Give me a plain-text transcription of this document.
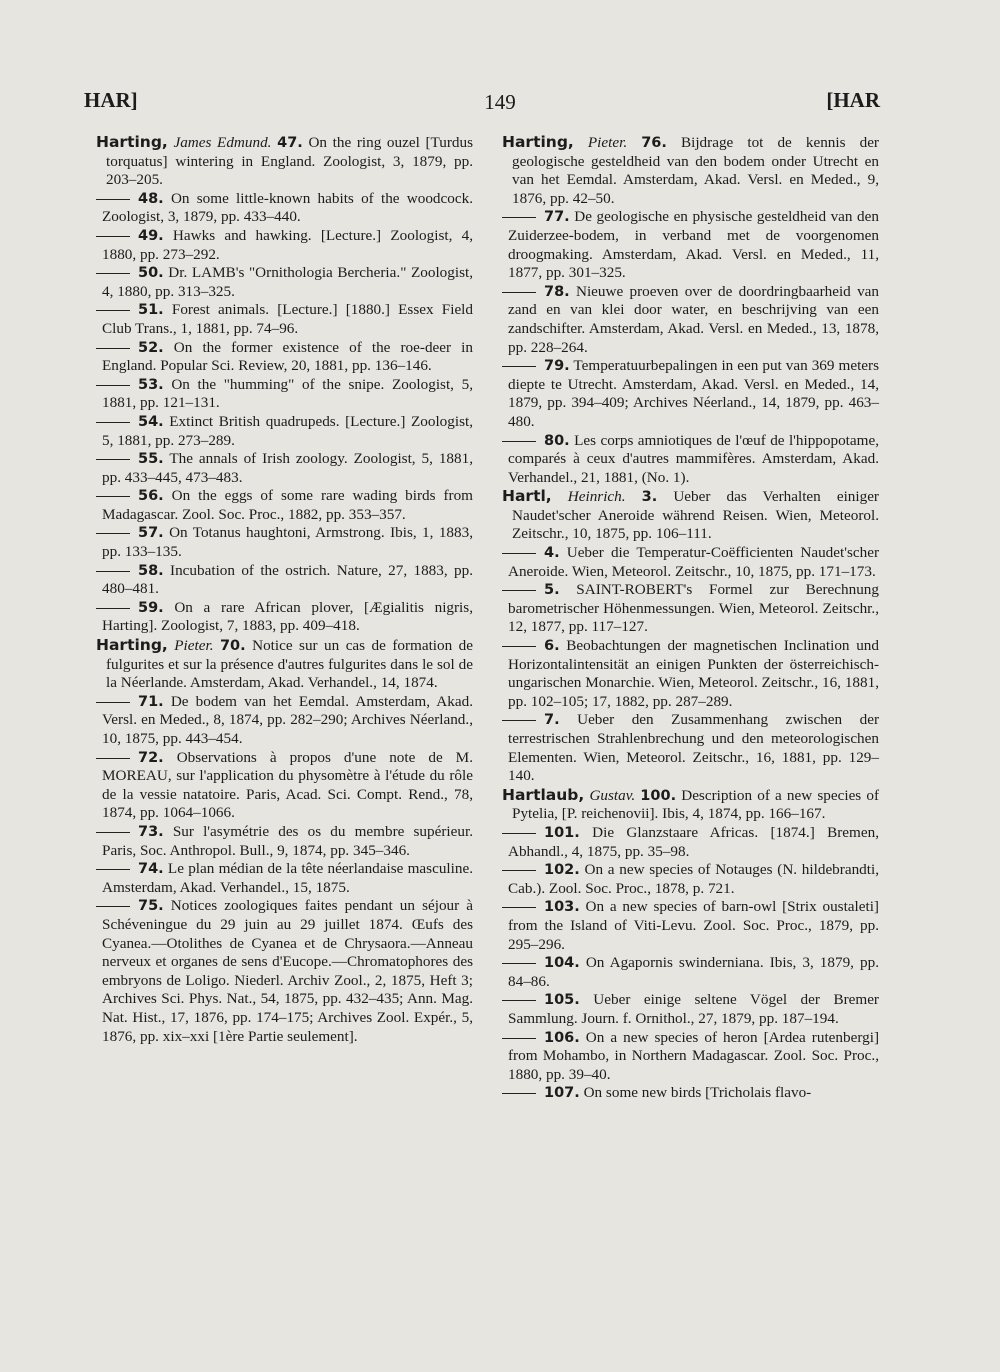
HAR]	149	[HAR

Harting, James Edmund. 47. On the ring ouzel [Turdus torquatus] wintering in England. Zoologist, 3, 1879, pp. 203–205.

48. On some little-known habits of the woodcock. Zoologist, 3, 1879, pp. 433–440.

49. Hawks and hawking. [Lecture.] Zoologist, 4, 1880, pp. 273–292.

50. Dr. LAMB's "Ornithologia Bercheria." Zoologist, 4, 1880, pp. 313–325.

51. Forest animals. [Lecture.] [1880.] Essex Field Club Trans., 1, 1881, pp. 74–96.

52. On the former existence of the roe-deer in England. Popular Sci. Review, 20, 1881, pp. 136–146.

53. On the "humming" of the snipe. Zoologist, 5, 1881, pp. 121–131.

54. Extinct British quadrupeds. [Lecture.] Zoologist, 5, 1881, pp. 273–289.

55. The annals of Irish zoology. Zoologist, 5, 1881, pp. 433–445, 473–483.

56. On the eggs of some rare wading birds from Madagascar. Zool. Soc. Proc., 1882, pp. 353–357.

57. On Totanus haughtoni, Armstrong. Ibis, 1, 1883, pp. 133–135.

58. Incubation of the ostrich. Nature, 27, 1883, pp. 480–481.

59. On a rare African plover, [Ægialitis nigris, Harting]. Zoologist, 7, 1883, pp. 409–418.

Harting, Pieter. 70. Notice sur un cas de formation de fulgurites et sur la présence d'autres fulgurites dans le sol de la Néerlande. Amsterdam, Akad. Verhandel., 14, 1874.

71. De bodem van het Eemdal. Amsterdam, Akad. Versl. en Meded., 8, 1874, pp. 282–290; Archives Néerland., 10, 1875, pp. 443–454.

72. Observations à propos d'une note de M. MOREAU, sur l'application du physomètre à l'étude du rôle de la vessie natatoire. Paris, Acad. Sci. Compt. Rend., 78, 1874, pp. 1064–1066.

73. Sur l'asymétrie des os du membre supérieur. Paris, Soc. Anthropol. Bull., 9, 1874, pp. 345–346.

74. Le plan médian de la tête néerlandaise masculine. Amsterdam, Akad. Verhandel., 15, 1875.

75. Notices zoologiques faites pendant un séjour à Schéveningue du 29 juin au 29 juillet 1874. Œufs des Cyanea.—Otolithes de Cyanea et de Chrysaora.—Anneau nerveux et organes de sens d'Eucope.—Chromatophores des embryons de Loligo. Niederl. Archiv Zool., 2, 1875, Heft 3; Archives Sci. Phys. Nat., 54, 1875, pp. 432–435; Ann. Mag. Nat. Hist., 17, 1876, pp. 174–175; Archives Zool. Expér., 5, 1876, pp. xix–xxi [1ère Partie seulement].

Harting, Pieter. 76. Bijdrage tot de kennis der geologische gesteldheid van den bodem onder Utrecht en van het Eemdal. Amsterdam, Akad. Versl. en Meded., 9, 1876, pp. 42–50.

77. De geologische en physische gesteldheid van den Zuiderzee-bodem, in verband met de voorgenomen droogmaking. Amsterdam, Akad. Versl. en Meded., 11, 1877, pp. 301–325.

78. Nieuwe proeven over de doordringbaarheid van zand en van klei door water, en beschrijving van een zandschifter. Amsterdam, Akad. Versl. en Meded., 13, 1878, pp. 228–264.

79. Temperatuurbepalingen in een put van 369 meters diepte te Utrecht. Amsterdam, Akad. Versl. en Meded., 14, 1879, pp. 394–409; Archives Néerland., 14, 1879, pp. 463–480.

80. Les corps amniotiques de l'œuf de l'hippopotame, comparés à ceux d'autres mammifères. Amsterdam, Akad. Verhandel., 21, 1881, (No. 1).

Hartl, Heinrich. 3. Ueber das Verhalten einiger Naudet'scher Aneroide während Reisen. Wien, Meteorol. Zeitschr., 10, 1875, pp. 106–111.

4. Ueber die Temperatur-Coëfficienten Naudet'scher Aneroide. Wien, Meteorol. Zeitschr., 10, 1875, pp. 171–173.

5. SAINT-ROBERT's Formel zur Berechnung barometrischer Höhenmessungen. Wien, Meteorol. Zeitschr., 12, 1877, pp. 117–127.

6. Beobachtungen der magnetischen Inclination und Horizontalintensität an einigen Punkten der österreichisch-ungarischen Monarchie. Wien, Meteorol. Zeitschr., 16, 1881, pp. 102–105; 17, 1882, pp. 287–289.

7. Ueber den Zusammenhang zwischen der terrestrischen Strahlenbrechung und den meteorologischen Elementen. Wien, Meteorol. Zeitschr., 16, 1881, pp. 129–140.

Hartlaub, Gustav. 100. Description of a new species of Pytelia, [P. reichenovii]. Ibis, 4, 1874, pp. 166–167.

101. Die Glanzstaare Africas. [1874.] Bremen, Abhandl., 4, 1875, pp. 35–98.

102. On a new species of Notauges (N. hildebrandti, Cab.). Zool. Soc. Proc., 1878, p. 721.

103. On a new species of barn-owl [Strix oustaleti] from the Island of Viti-Levu. Zool. Soc. Proc., 1879, pp. 295–296.

104. On Agapornis swinderniana. Ibis, 3, 1879, pp. 84–86.

105. Ueber einige seltene Vögel der Bremer Sammlung. Journ. f. Ornithol., 27, 1879, pp. 187–194.

106. On a new species of heron [Ardea rutenbergi] from Mohambo, in Northern Madagascar. Zool. Soc. Proc., 1880, pp. 39–40.

107. On some new birds [Tricholais flavo-
